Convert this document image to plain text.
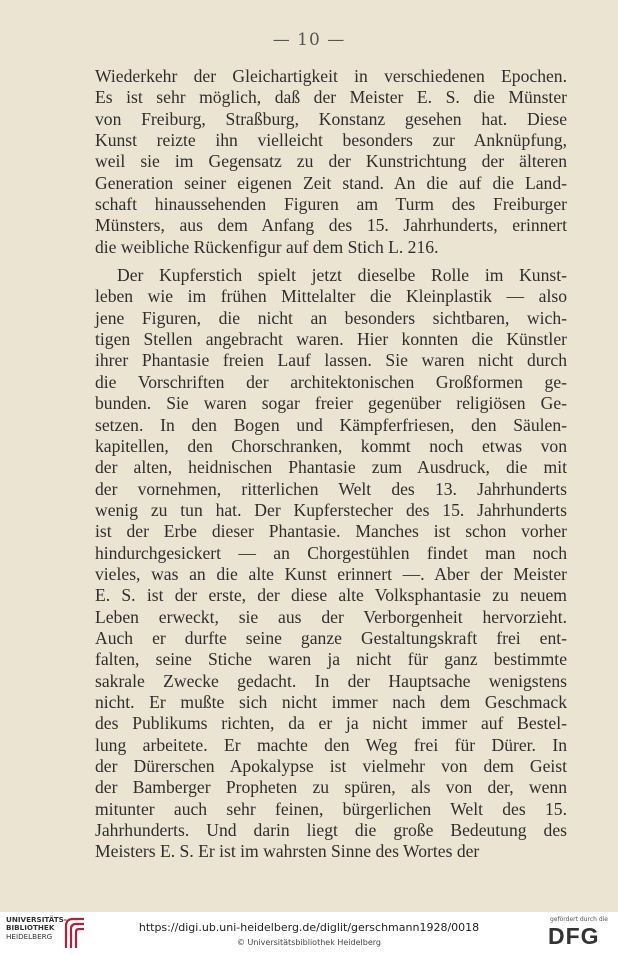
— 10 —

Wiederkehr der Gleichartigkeit in verschiedenen Epochen.
Es ist sehr möglich, daß der Meister E. S. die Münster
von Freiburg, Straßburg, Konstanz gesehen hat. Diese
Kunst reizte ihn vielleicht besonders zur Anknüpfung,
weil sie im Gegensatz zu der Kunstrichtung der älteren
Generation seiner eigenen Zeit stand. An die auf die Land-
schaft hinaussehenden Figuren am Turm des Freiburger
Münsters, aus dem Anfang des 15. Jahrhunderts, erinnert
die weibliche Rückenfigur auf dem Stich L. 216.

Der Kupferstich spielt jetzt dieselbe Rolle im Kunst-
leben wie im frühen Mittelalter die Kleinplastik — also
jene Figuren, die nicht an besonders sichtbaren, wich-
tigen Stellen angebracht waren. Hier konnten die Künstler
ihrer Phantasie freien Lauf lassen. Sie waren nicht durch
die Vorschriften der architektonischen Großformen ge-
bunden. Sie waren sogar freier gegenüber religiösen Ge-
setzen. In den Bogen und Kämpferfriesen, den Säulen-
kapitellen, den Chorschranken, kommt noch etwas von
der alten, heidnischen Phantasie zum Ausdruck, die mit
der vornehmen, ritterlichen Welt des 13. Jahrhunderts
wenig zu tun hat. Der Kupferstecher des 15. Jahrhunderts
ist der Erbe dieser Phantasie. Manches ist schon vorher
hindurchgesickert — an Chorgestühlen findet man noch
vieles, was an die alte Kunst erinnert —. Aber der Meister
E. S. ist der erste, der diese alte Volksphantasie zu neuem
Leben erweckt, sie aus der Verborgenheit hervorzieht.
Auch er durfte seine ganze Gestaltungskraft frei ent-
falten, seine Stiche waren ja nicht für ganz bestimmte
sakrale Zwecke gedacht. In der Hauptsache wenigstens
nicht. Er mußte sich nicht immer nach dem Geschmack
des Publikums richten, da er ja nicht immer auf Bestel-
lung arbeitete. Er machte den Weg frei für Dürer. In
der Dürerschen Apokalypse ist vielmehr von dem Geist
der Bamberger Propheten zu spüren, als von der, wenn
mitunter auch sehr feinen, bürgerlichen Welt des 15.
Jahrhunderts. Und darin liegt die große Bedeutung des
Meisters E. S. Er ist im wahrsten Sinne des Wortes der

UNIVERSITÄTS-
BIBLIOTHEK
HEIDELBERG
https://digi.ub.uni-heidelberg.de/diglit/gerschmann1928/0018
© Universitätsbibliothek Heidelberg
gefördert durch die
DFG
